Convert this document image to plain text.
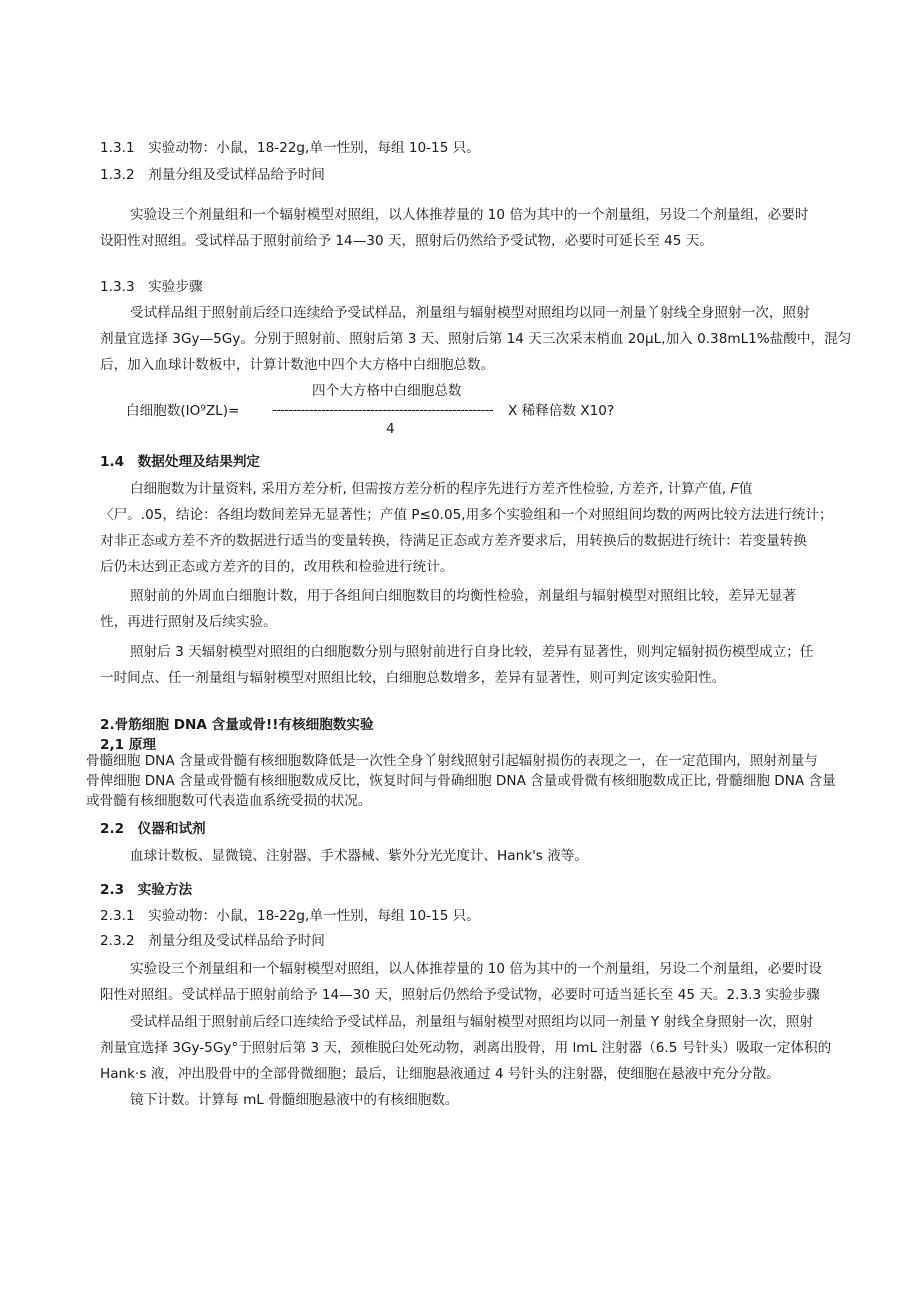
1.3.1　实验动物：小鼠，18-22g,单一性别，每组 10-15 只。
1.3.2　剂量分组及受试样品给予时间
实验设三个剂量组和一个辐射模型对照组，以人体推荐量的 10 倍为其中的一个剂量组，另设二个剂量组，必要时
设阳性对照组。受试样品于照射前给予 14—30 天，照射后仍然给予受试物，必要时可延长至 45 天。
1.3.3　实验步骤
受试样品组于照射前后经口连续给予受试样品，剂量组与辐射模型对照组均以同一剂量丫射线全身照射一次，照射
剂量宜选择 3Gy—5Gy。分别于照射前、照射后第 3 天、照射后第 14 天三次采末梢血 20μL,加入 0.38mL1%盐酸中，混匀
后，加入血球计数板中，计算计数池中四个大方格中白细胞总数。
四个大方格中白细胞总数
白细胞数(IO⁹ZL)=	------------------------------------------------------	X 稀释倍数 X10?
4
1.4　数据处理及结果判定
白细胞数为计量资料, 采用方差分析, 但需按方差分析的程序先进行方差齐性检验, 方差齐, 计算产值, 𝐹值
〈尸。.05，结论：各组均数间差异无显著性；产值 P≤0.05,用多个实验组和一个对照组间均数的两两比较方法进行统计；
对非正态或方差不齐的数据进行适当的变量转换，待满足正态或方差齐要求后，用转换后的数据进行统计：若变量转换
后仍未达到正态或方差齐的目的，改用秩和检验进行统计。
照射前的外周血白细胞计数，用于各组间白细胞数目的均衡性检验，剂量组与辐射模型对照组比较，差异无显著
性，再进行照射及后续实验。
照射后 3 天辐射模型对照组的白细胞数分别与照射前进行自身比较，差异有显著性，则判定辐射损伤模型成立；任
一时间点、任一剂量组与辐射模型对照组比较，白细胞总数增多，差异有显著性，则可判定该实验阳性。
2.骨筋细胞 DNA 含量或骨!!有核细胞数实验
2,1 原理
骨髓细胞 DNA 含量或骨髓有核细胞数降低是一次性全身丫射线照射引起辐射损伤的表现之一，在一定范围内，照射剂量与
骨俾细胞 DNA 含量或骨髓有核细胞数成反比，恢复时间与骨确细胞 DNA 含量或骨微有核细胞数成正比, 骨髓细胞 DNA 含量
或骨髓有核细胞数可代表造血系统受损的状况。
2.2　仪器和试剂
血球计数板、显微镜、注射器、手术器械、紫外分光光度计、Hank's 液等。
2.3　实验方法
2.3.1　实验动物：小鼠，18-22g,单一性别，每组 10-15 只。
2.3.2　剂量分组及受试样品给予时间
实验设三个剂量组和一个辐射模型对照组，以人体推荐量的 10 倍为其中的一个剂量组，另设二个剂量组，必要时设
阳性对照组。受试样品于照射前给予 14—30 天，照射后仍然给予受试物，必要时可适当延长至 45 天。2.3.3 实验步骤
受试样品组于照射前后经口连续给予受试样品，剂量组与辐射模型对照组均以同一剂量 Y 射线全身照射一次，照射
剂量宜选择 3Gy-5Gy°于照射后第 3 天，颈椎脱臼处死动物，剥离出股骨，用 lmL 注射器（6.5 号针头）吸取一定体积的
Hank·s 液，冲出股骨中的全部骨微细胞；最后，让细胞悬液通过 4 号针头的注射器，使细胞在悬液中充分分散。
镜下计数。计算每 mL 骨髓细胞悬液中的有核细胞数。
